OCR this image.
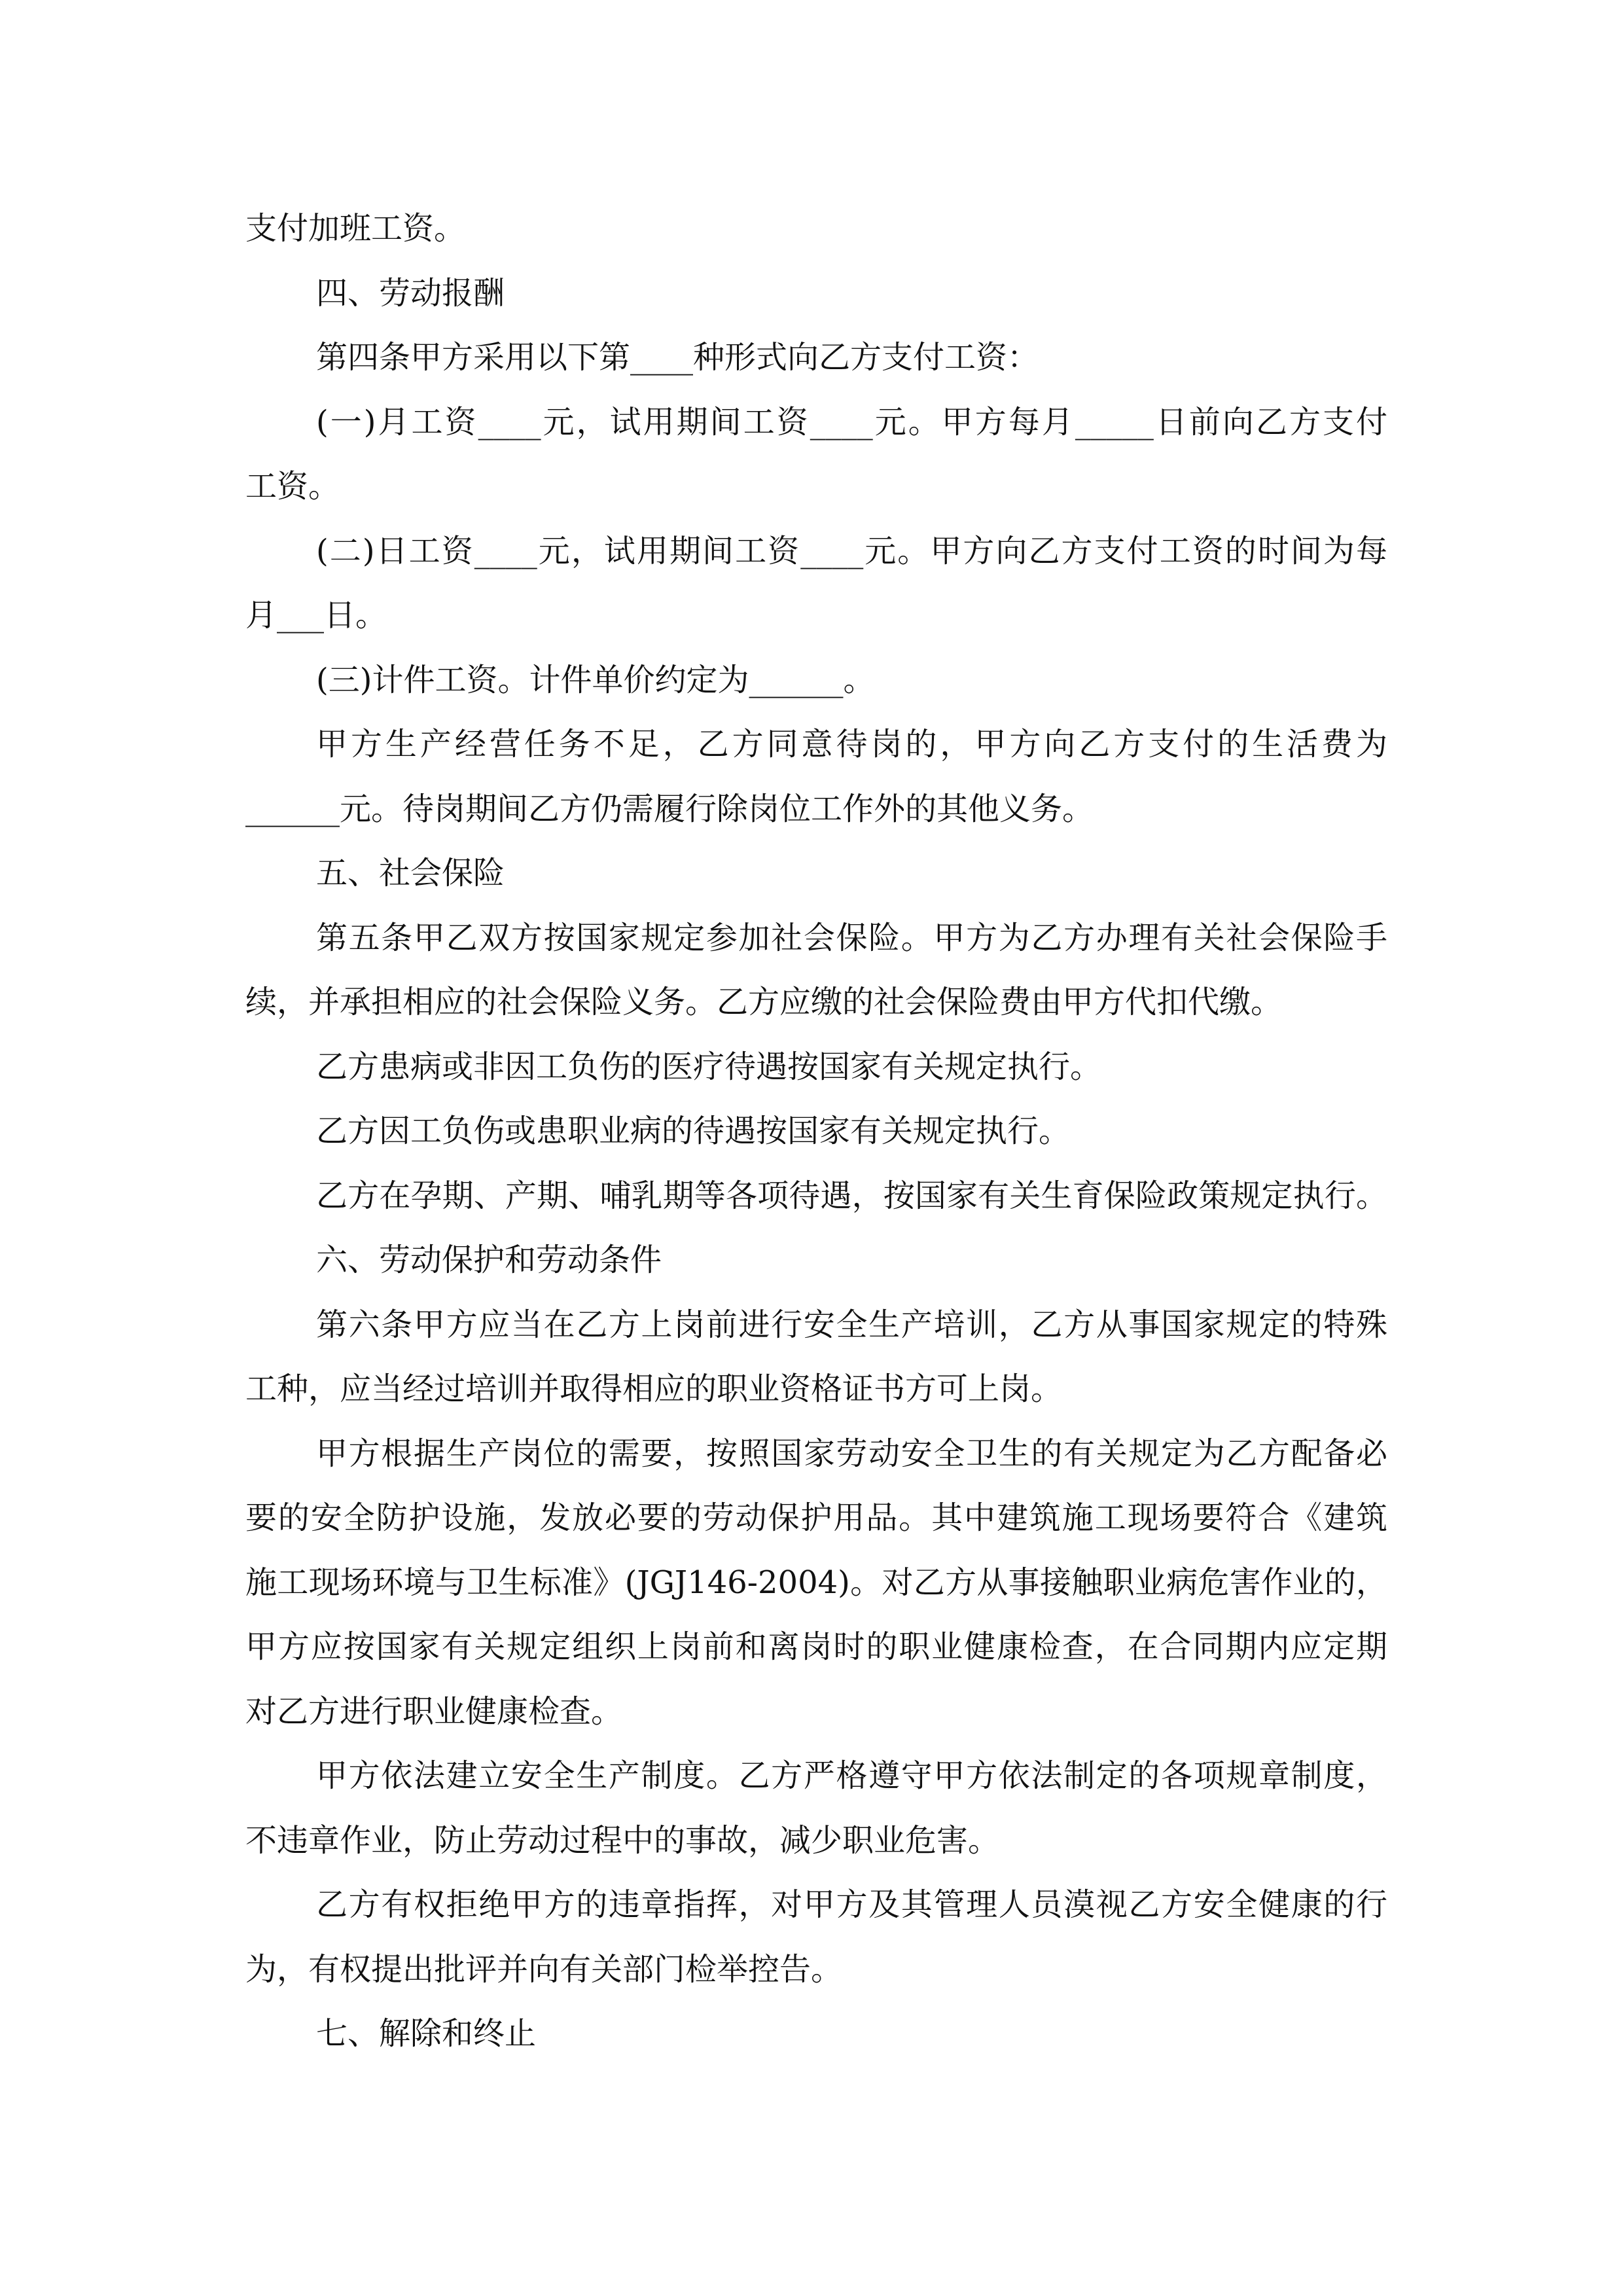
支付加班工资。
四、劳动报酬
第四条甲方采用以下第____种形式向乙方支付工资：
(一)月工资____元，试用期间工资____元。甲方每月_____日前向乙方支付
工资。
(二)日工资____元，试用期间工资____元。甲方向乙方支付工资的时间为每
月___日。
(三)计件工资。计件单价约定为______。
甲方生产经营任务不足，乙方同意待岗的，甲方向乙方支付的生活费为
______元。待岗期间乙方仍需履行除岗位工作外的其他义务。
五、社会保险
第五条甲乙双方按国家规定参加社会保险。甲方为乙方办理有关社会保险手
续，并承担相应的社会保险义务。乙方应缴的社会保险费由甲方代扣代缴。
乙方患病或非因工负伤的医疗待遇按国家有关规定执行。
乙方因工负伤或患职业病的待遇按国家有关规定执行。
乙方在孕期、产期、哺乳期等各项待遇，按国家有关生育保险政策规定执行。
六、劳动保护和劳动条件
第六条甲方应当在乙方上岗前进行安全生产培训，乙方从事国家规定的特殊
工种，应当经过培训并取得相应的职业资格证书方可上岗。
甲方根据生产岗位的需要，按照国家劳动安全卫生的有关规定为乙方配备必
要的安全防护设施，发放必要的劳动保护用品。其中建筑施工现场要符合《建筑
施工现场环境与卫生标准》(JGJ146-2004)。对乙方从事接触职业病危害作业的，
甲方应按国家有关规定组织上岗前和离岗时的职业健康检查，在合同期内应定期
对乙方进行职业健康检查。
甲方依法建立安全生产制度。乙方严格遵守甲方依法制定的各项规章制度，
不违章作业，防止劳动过程中的事故，减少职业危害。
乙方有权拒绝甲方的违章指挥，对甲方及其管理人员漠视乙方安全健康的行
为，有权提出批评并向有关部门检举控告。
七、解除和终止
